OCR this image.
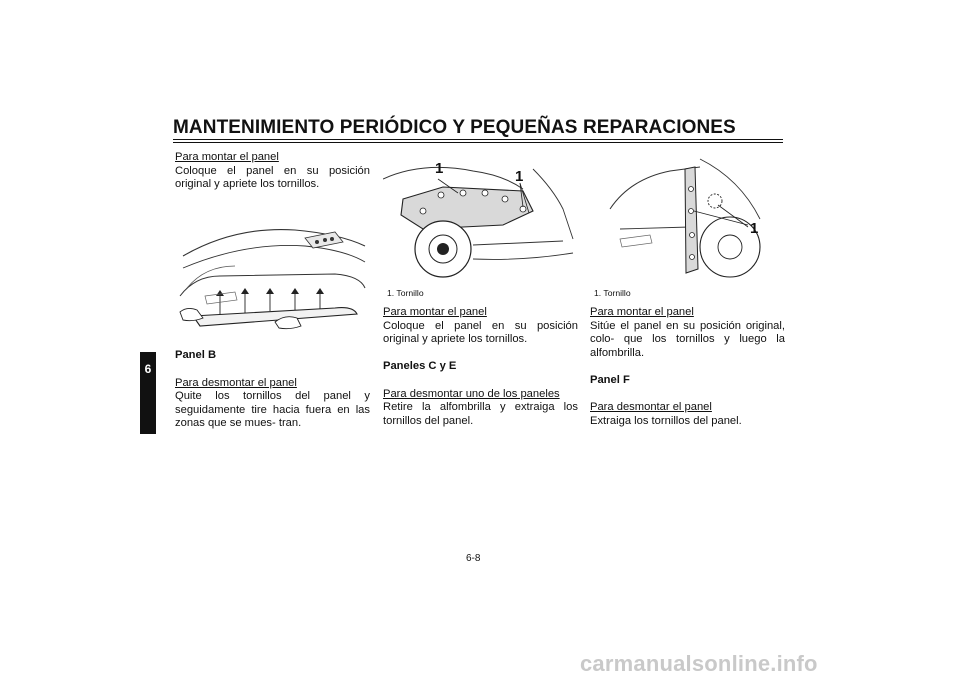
MANTENIMIENTO PERIÓDICO Y PEQUEÑAS REPARACIONES
6

Para montar el panel

Coloque el panel en su posición original y apriete los tornillos.

Panel B

Para desmontar el panel

Quite los tornillos del panel y seguidamente tire hacia fuera en las zonas que se mues- tran.

1	1
1. Tornillo

Para montar el panel

Coloque el panel en su posición original y apriete los tornillos.

Paneles C y E

Para desmontar uno de los paneles

Retire la alfombrilla y extraiga los tornillos del panel.

1
1. Tornillo

Para montar el panel

Sitúe el panel en su posición original, colo- que los tornillos y luego la alfombrilla.

Panel F

Para desmontar el panel

Extraiga los tornillos del panel.

6-8
carmanualsonline.info
